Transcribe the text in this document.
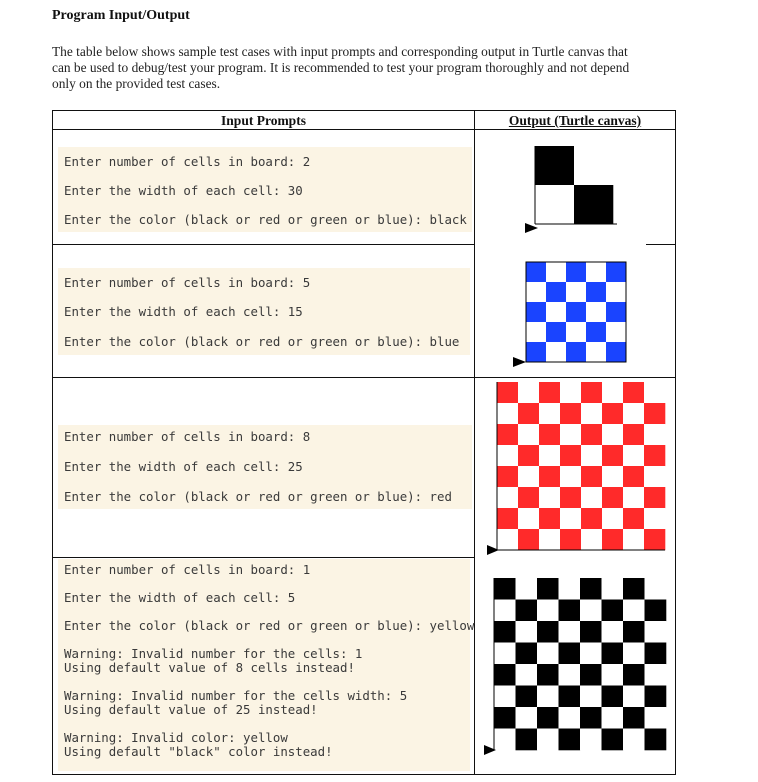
Program Input/Output
The table below shows sample test cases with input prompts and corresponding output in Turtle canvas that
can be used to debug/test your program. It is recommended to test your program thoroughly and not depend
only on the provided test cases.
Input Prompts	Output (Turtle canvas)
Enter number of cells in board: 2
Enter the width of each cell: 30
Enter the color (black or red or green or blue): black
Enter number of cells in board: 5
Enter the width of each cell: 15
Enter the color (black or red or green or blue): blue
Enter number of cells in board: 8
Enter the width of each cell: 25
Enter the color (black or red or green or blue): red
Enter number of cells in board: 1
Enter the width of each cell: 5
Enter the color (black or red or green or blue): yellow
Warning: Invalid number for the cells: 1
Using default value of 8 cells instead!
Warning: Invalid number for the cells width: 5
Using default value of 25 instead!
Warning: Invalid color: yellow
Using default "black" color instead!
